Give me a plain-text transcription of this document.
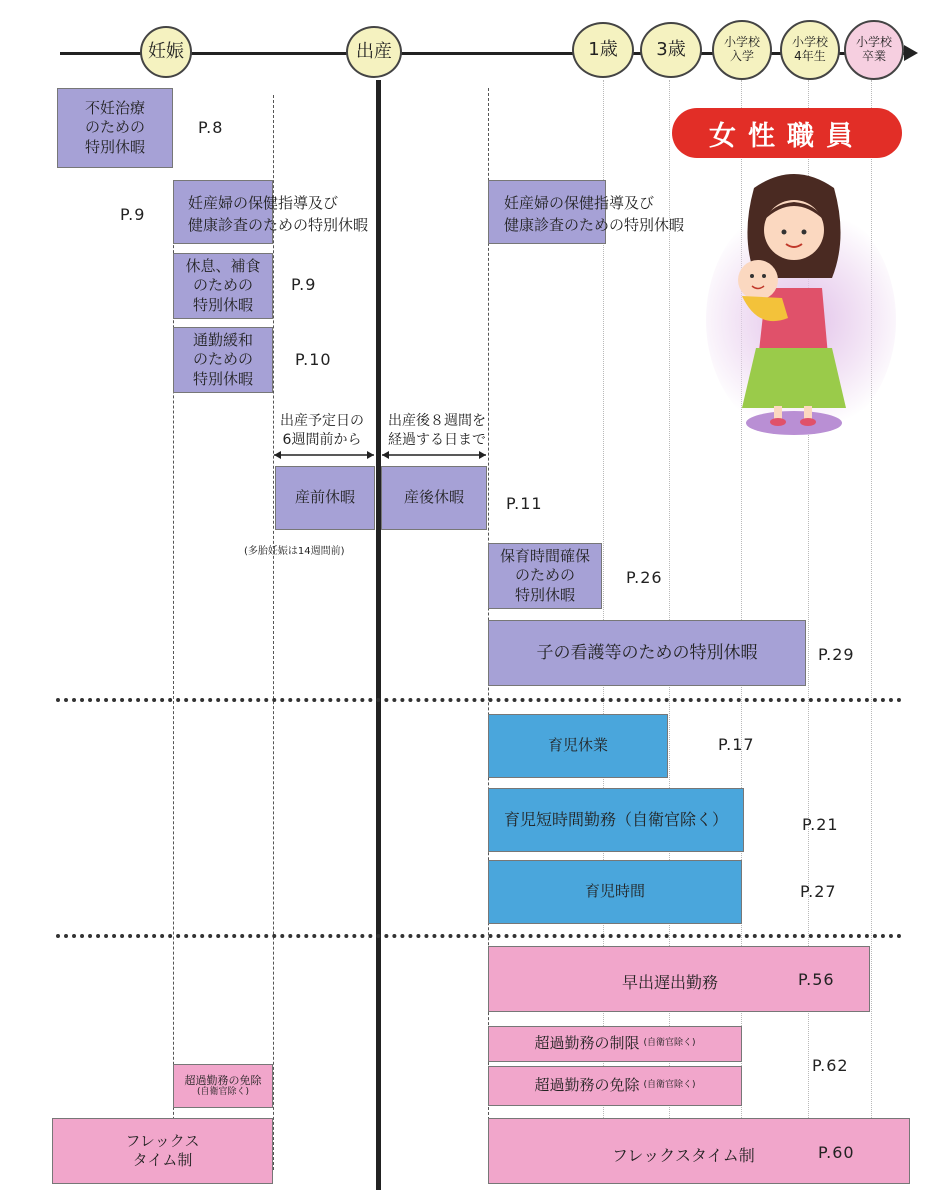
妊娠	出産	1歳	3歳	小学校
入学
小学校
4年生
小学校
卒業
女性職員
不妊治療
のための
特別休暇
P.8
妊産婦の保健指導及び
健康診査のための特別休暇
P.9
妊産婦の保健指導及び
健康診査のための特別休暇
休息、補食
のための
特別休暇
P.9
通勤緩和
のための
特別休暇
P.10
出産予定日の
6週間前から
出産後８週間を
経過する日まで
産前休暇	産後休暇	P.11
(多胎妊娠は14週間前)	保育時間確保
のための
特別休暇
P.26
子の看護等のための特別休暇	P.29
育児休業	P.17
育児短時間勤務（自衛官除く）	P.21
育児時間	P.27
早出遅出勤務	P.56
超過勤務の制限 (自衛官除く)
超過勤務の免除 (自衛官除く)
P.62
超過勤務の免除
(自衛官除く)
フレックス
タイム制	フレックスタイム制	P.60
